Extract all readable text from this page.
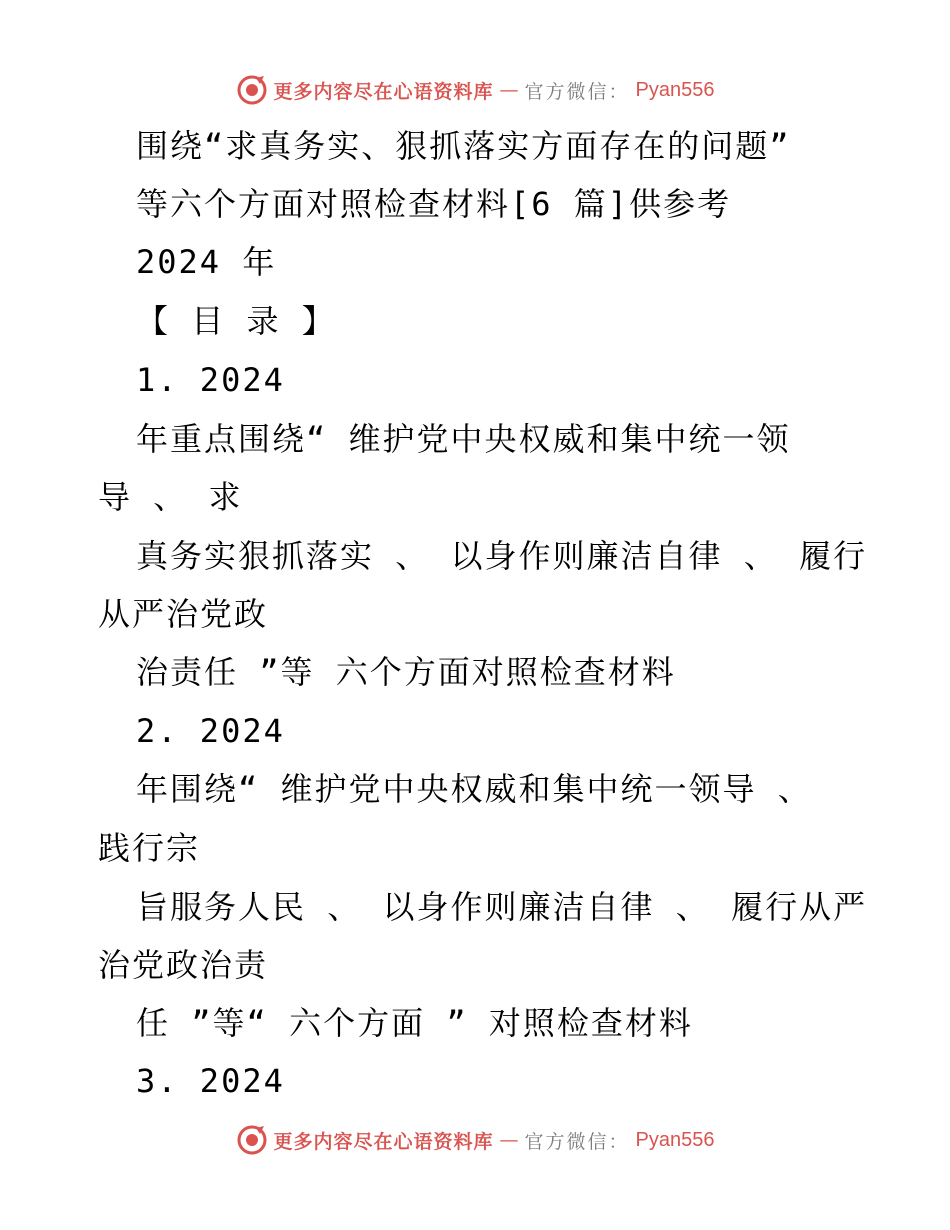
更多内容尽在心语资料库 — 官方微信： Pyan556
围绕“求真务实、狠抓落实方面存在的问题”
等六个方面对照检查材料[6 篇]供参考
2024 年
【 目 录 】
1. 2024
年重点围绕“ 维护党中央权威和集中统一领
导 、 求
真务实狠抓落实 、 以身作则廉洁自律 、 履行
从严治党政
治责任 ”等 六个方面对照检查材料
2. 2024
年围绕“ 维护党中央权威和集中统一领导 、
践行宗
旨服务人民 、 以身作则廉洁自律 、 履行从严
治党政治责
任 ”等“ 六个方面 ” 对照检查材料
3. 2024
更多内容尽在心语资料库 — 官方微信： Pyan556
